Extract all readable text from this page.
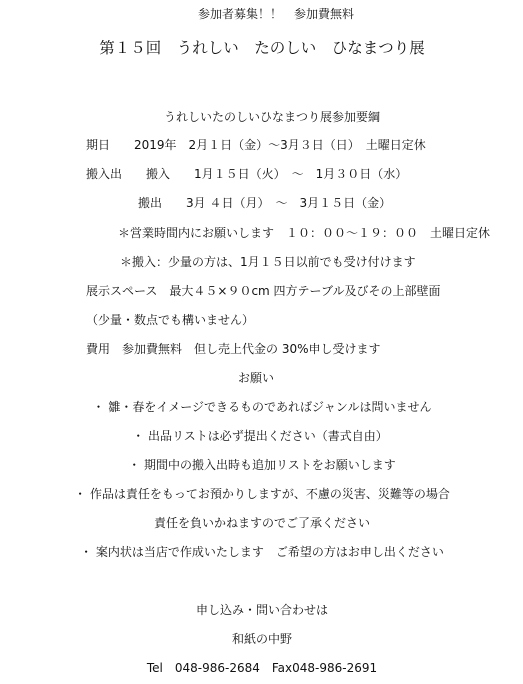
参加者募集！！　参加費無料
第１５回　うれしい　たのしい　ひなまつり展
うれしいたのしいひなまつり展参加要綱
期日　　2019年　2月１日（金）～3月３日（日）　土曜日定休
搬入出　　搬入　　1月１５日（火）　～　1月３０日（水）
搬出　　3月 ４日（月）　～　3月１５日（金）
＊営業時間内にお願いします　１０：００～１９：００　土曜日定休
＊搬入：少量の方は、1月１５日以前でも受け付けます
展示スペース　最大４５×９０cm 四方テーブル及びその上部壁面
（少量・数点でも構いません）
費用　参加費無料　但し売上代金の 30%申し受けます
お願い
・ 雛・春をイメージできるものであればジャンルは問いません
・ 出品リストは必ず提出ください（書式自由）
・ 期間中の搬入出時も追加リストをお願いします
・ 作品は責任をもってお預かりしますが、不慮の災害、災難等の場合
責任を負いかねますのでご了承ください
・ 案内状は当店で作成いたします　ご希望の方はお申し出ください
申し込み・問い合わせは
和紙の中野
Tel　048-986-2684　Fax048-986-2691
